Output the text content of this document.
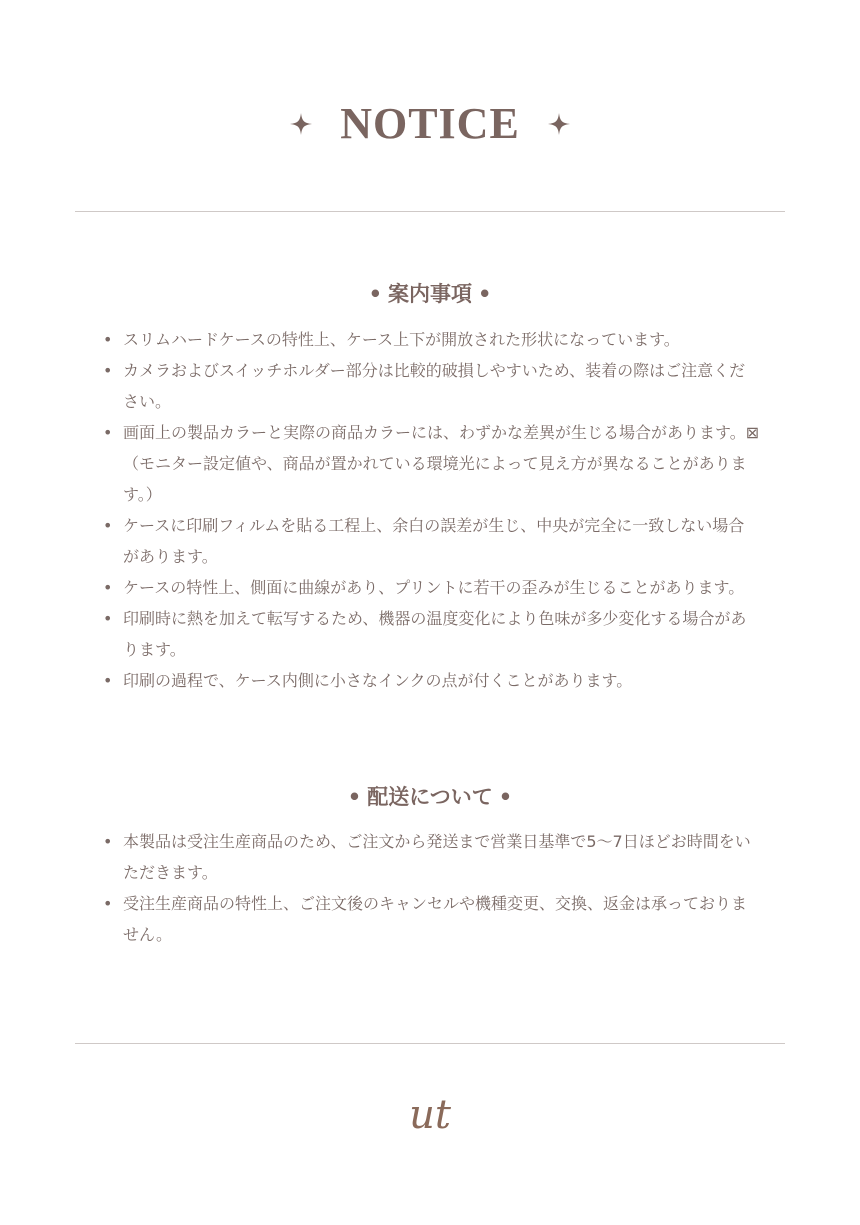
NOTICE
• 案内事項 •
• スリムハードケースの特性上、ケース上下が開放された形状になっています。
• カメラおよびスイッチホルダー部分は比較的破損しやすいため、装着の際はご注意ください。
• 画面上の製品カラーと実際の商品カラーには、わずかな差異が生じる場合があります。⊠（モニター設定値や、商品が置かれている環境光によって見え方が異なることがあります。）
• ケースに印刷フィルムを貼る工程上、余白の誤差が生じ、中央が完全に一致しない場合があります。
• ケースの特性上、側面に曲線があり、プリントに若干の歪みが生じることがあります。
• 印刷時に熱を加えて転写するため、機器の温度変化により色味が多少変化する場合があります。
• 印刷の過程で、ケース内側に小さなインクの点が付くことがあります。
• 配送について •
• 本製品は受注生産商品のため、ご注文から発送まで営業日基準で5〜7日ほどお時間をいただきます。
• 受注生産商品の特性上、ご注文後のキャンセルや機種変更、交換、返金は承っておりません。
ut
